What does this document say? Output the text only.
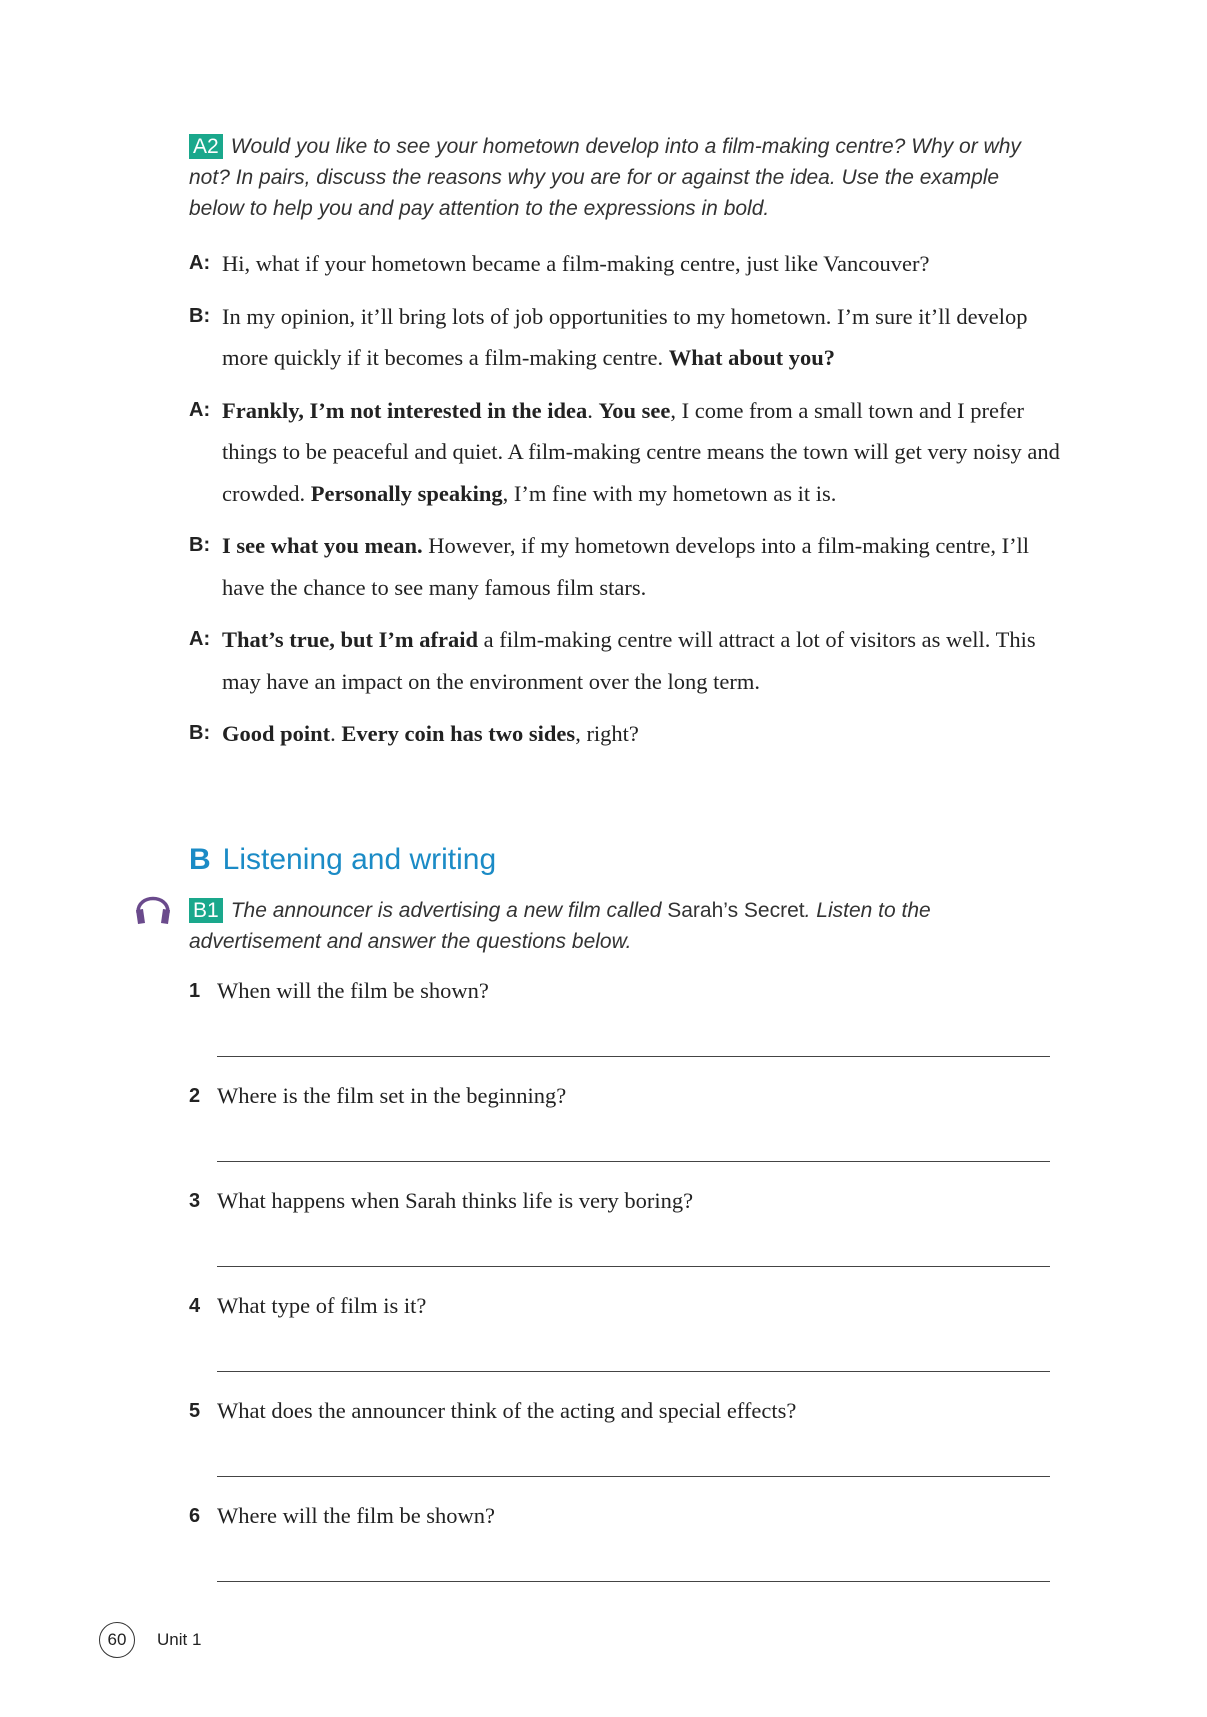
A2 Would you like to see your hometown develop into a film-making centre? Why or why not? In pairs, discuss the reasons why you are for or against the idea. Use the example below to help you and pay attention to the expressions in bold.
A: Hi, what if your hometown became a film-making centre, just like Vancouver?
B: In my opinion, it’ll bring lots of job opportunities to my hometown. I’m sure it’ll develop more quickly if it becomes a film-making centre. What about you?
A: Frankly, I’m not interested in the idea. You see, I come from a small town and I prefer things to be peaceful and quiet. A film-making centre means the town will get very noisy and crowded. Personally speaking, I’m fine with my hometown as it is.
B: I see what you mean. However, if my hometown develops into a film-making centre, I’ll have the chance to see many famous film stars.
A: That’s true, but I’m afraid a film-making centre will attract a lot of visitors as well. This may have an impact on the environment over the long term.
B: Good point. Every coin has two sides, right?
B Listening and writing
B1 The announcer is advertising a new film called Sarah’s Secret. Listen to the advertisement and answer the questions below.
1 When will the film be shown?
2 Where is the film set in the beginning?
3 What happens when Sarah thinks life is very boring?
4 What type of film is it?
5 What does the announcer think of the acting and special effects?
6 Where will the film be shown?
60	Unit 1
